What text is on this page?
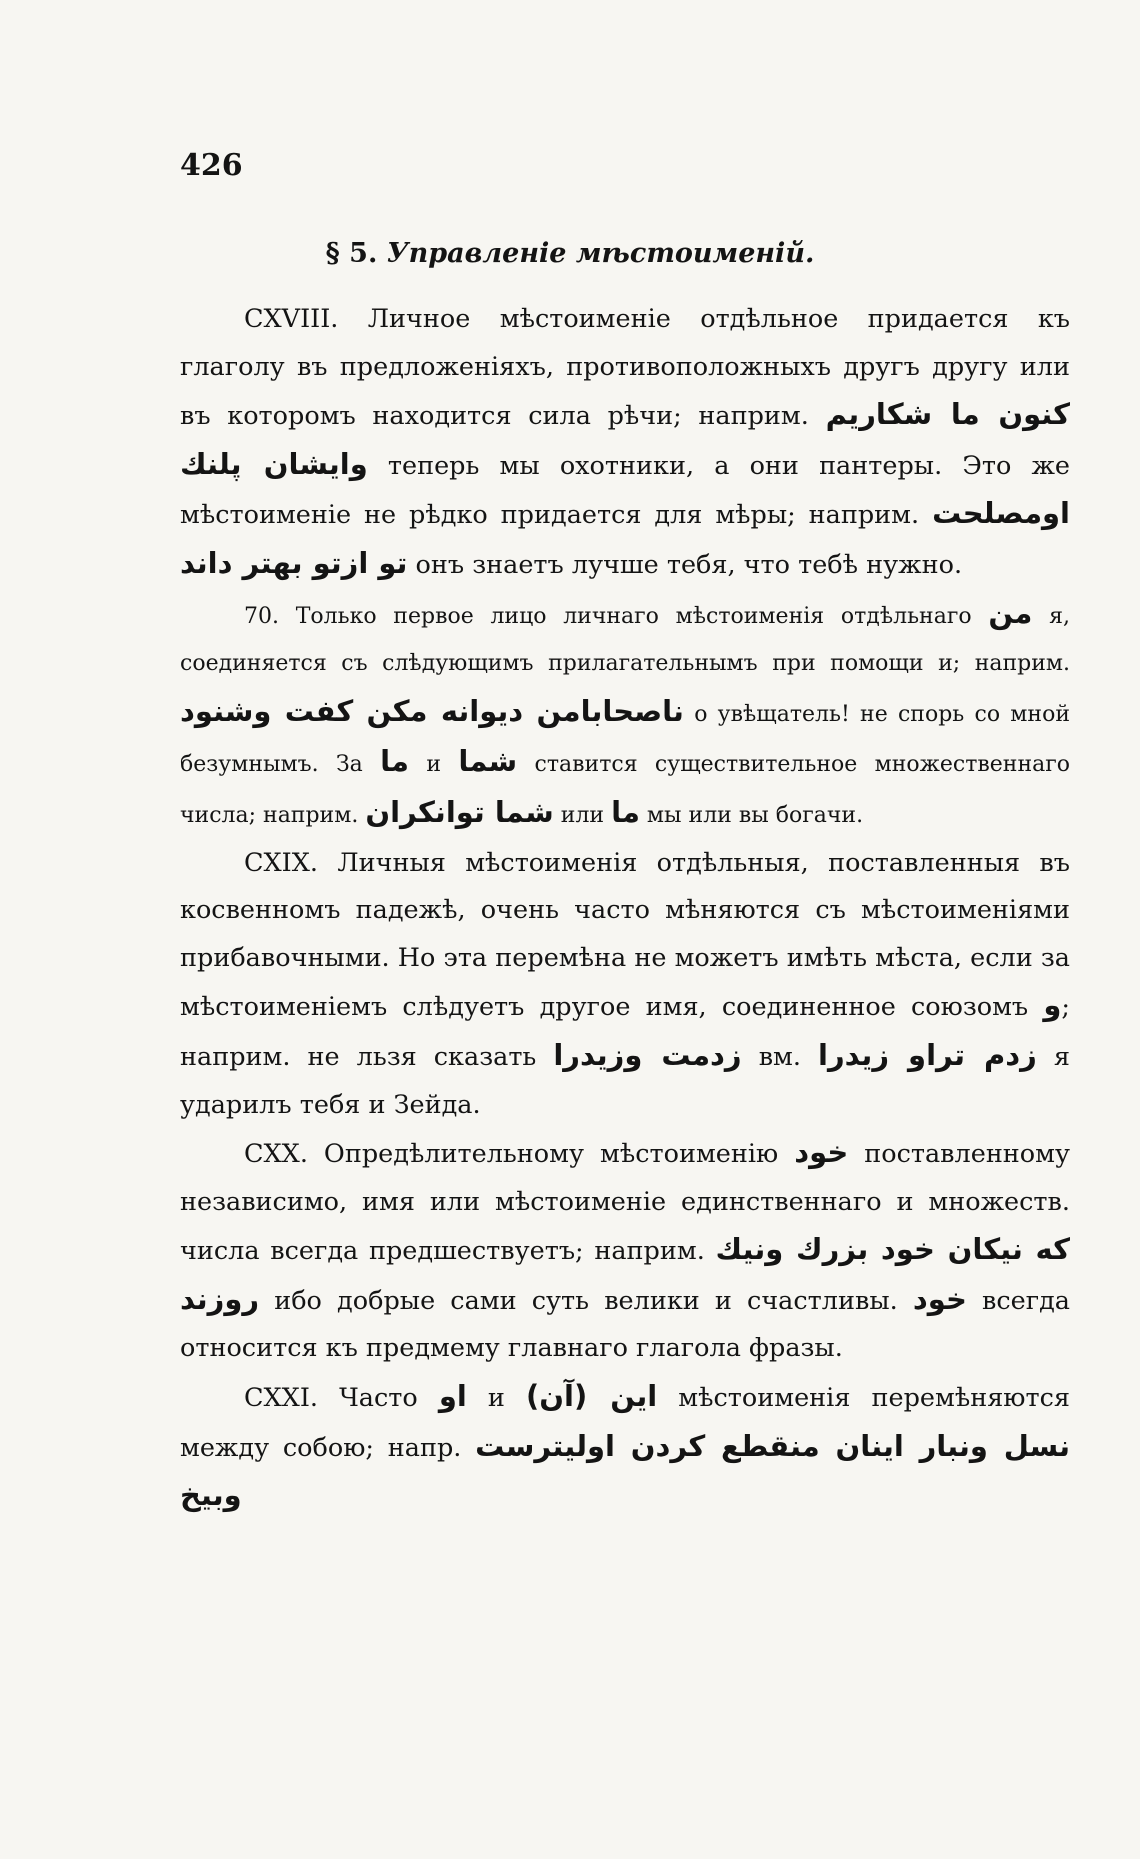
426
§ 5. Управленіе мѣстоименій.

CXVIII. Личное мѣстоименіе отдѣльное придается къ глаголу въ предложеніяхъ, противоположныхъ другъ другу или въ которомъ находится сила рѣчи; наприм. كنون ما شكاريم وايشان پلنك теперь мы охотники, а они пантеры. Это же мѣстоименіе не рѣдко придается для мѣры; наприм. اومصلحت تو ازتو بهتر داند онъ знаетъ лучше тебя, что тебѣ нужно.

70. Только первое лицо личнаго мѣстоименія отдѣльнаго من я, соединяется съ слѣдующимъ прилагательнымъ при помощи и; наприм. ناصحابامن ديوانه مكن كفت وشنود о увѣщатель! не спорь со мной безумнымъ. За ما и شما ставится существительное множественнаго числа; наприм. شما توانكران или ما мы или вы богачи.

CXIX. Личныя мѣстоименія отдѣльныя, поставленныя въ косвенномъ падежѣ, очень часто мѣняются съ мѣстоименіями прибавочными. Но эта перемѣна не можетъ имѣть мѣста, если за мѣстоименіемъ слѣдуетъ другое имя, соединенное союзомъ و; наприм. не льзя сказать زدمت وزيدرا вм. زدم تراو زيدرا я ударилъ тебя и Зейда.

CXX. Опредѣлительному мѣстоименію خود поставленному независимо, имя или мѣстоименіе единственнаго и множеств. числа всегда предшествуетъ; наприм. كه نيكان خود بزرك ونيك روزند ибо добрые сами суть велики и счастливы. خود всегда относится къ предмему главнаго глагола фразы.

CXXI. Часто او и اين (آن) мѣстоименія перемѣняются между собою; напр. نسل ونبار اينان منقطع كردن اوليترست وبيخ
